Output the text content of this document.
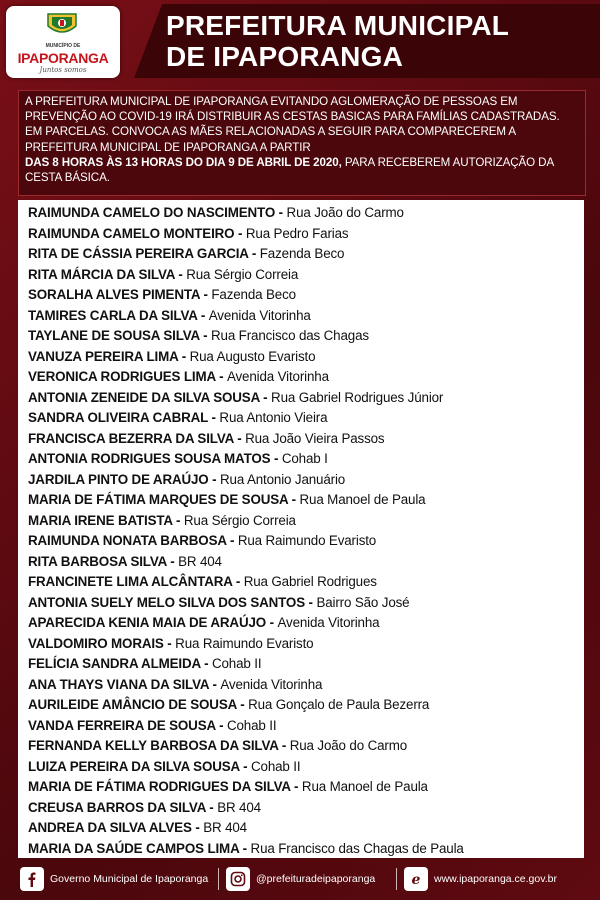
MUNICÍPIO DE
IPAPORANGA
Juntos somos
PREFEITURA MUNICIPAL
DE IPAPORANGA

A PREFEITURA MUNICIPAL DE IPAPORANGA EVITANDO AGLOMERAÇÃO DE PESSOAS EM PREVENÇÃO AO COVID-19 IRÁ DISTRIBUIR AS CESTAS BASICAS PARA FAMÍLIAS CADASTRADAS. EM PARCELAS. CONVOCA AS MÃES RELACIONADAS A SEGUIR PARA COMPARECEREM A PREFEITURA MUNICIPAL DE IPAPORANGA A PARTIR
DAS 8 HORAS ÀS 13 HORAS DO DIA 9 DE ABRIL DE 2020, PARA RECEBEREM AUTORIZAÇÃO DA CESTA BÁSICA.

RAIMUNDA CAMELO DO NASCIMENTO - Rua João do Carmo
RAIMUNDA CAMELO MONTEIRO - Rua Pedro Farias
RITA DE CÁSSIA PEREIRA GARCIA - Fazenda Beco
RITA MÁRCIA DA SILVA - Rua Sérgio Correia
SORALHA ALVES PIMENTA - Fazenda Beco
TAMIRES CARLA DA SILVA - Avenida Vitorinha
TAYLANE DE SOUSA SILVA - Rua Francisco das Chagas
VANUZA PEREIRA LIMA - Rua Augusto Evaristo
VERONICA RODRIGUES LIMA - Avenida Vitorinha
ANTONIA ZENEIDE DA SILVA SOUSA - Rua Gabriel Rodrigues Júnior
SANDRA OLIVEIRA CABRAL - Rua Antonio Vieira
FRANCISCA BEZERRA DA SILVA - Rua João Vieira Passos
ANTONIA RODRIGUES SOUSA MATOS - Cohab I
JARDILA PINTO DE ARAÚJO - Rua Antonio Januário
MARIA DE FÁTIMA MARQUES DE SOUSA - Rua Manoel de Paula
MARIA IRENE BATISTA - Rua Sérgio Correia
RAIMUNDA NONATA BARBOSA - Rua Raimundo Evaristo
RITA BARBOSA SILVA - BR 404
FRANCINETE LIMA ALCÂNTARA - Rua Gabriel Rodrigues
ANTONIA SUELY MELO SILVA DOS SANTOS - Bairro São José
APARECIDA KENIA MAIA DE ARAÚJO - Avenida Vitorinha
VALDOMIRO MORAIS - Rua Raimundo Evaristo
FELÍCIA SANDRA ALMEIDA - Cohab II
ANA THAYS VIANA DA SILVA - Avenida Vitorinha
AURILEIDE AMÂNCIO DE SOUSA - Rua Gonçalo de Paula Bezerra
VANDA FERREIRA DE SOUSA - Cohab II
FERNANDA KELLY BARBOSA DA SILVA - Rua João do Carmo
LUIZA PEREIRA DA SILVA SOUSA - Cohab II
MARIA DE FÁTIMA RODRIGUES DA SILVA - Rua Manoel de Paula
CREUSA BARROS DA SILVA - BR 404
ANDREA DA SILVA ALVES - BR 404
MARIA DA SAÚDE CAMPOS LIMA - Rua Francisco das Chagas de Paula
Governo Municipal de Ipaporanga	@prefeituradeipaporanga	e www.ipaporanga.ce.gov.br
